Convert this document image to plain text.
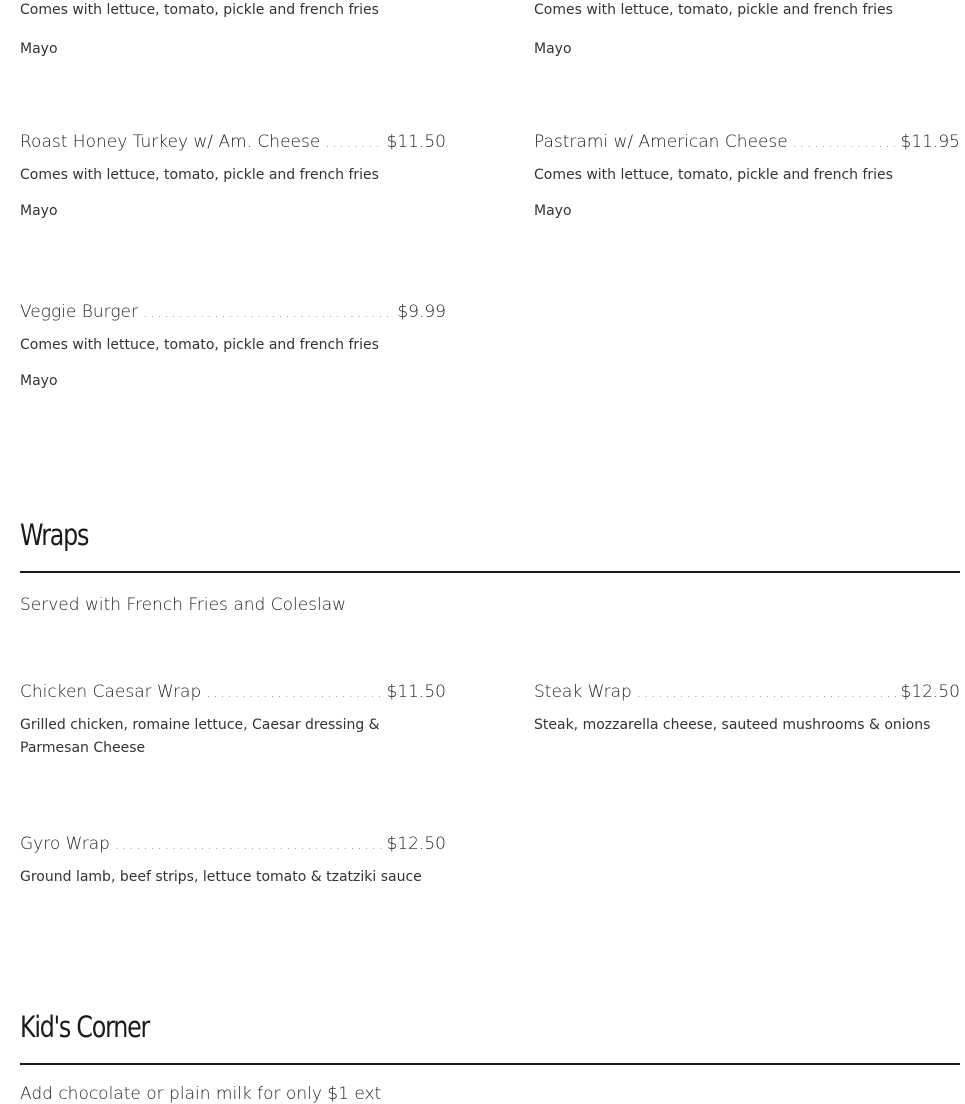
Comes with lettuce, tomato, pickle and french fries
Mayo
Comes with lettuce, tomato, pickle and french fries
Mayo
Roast Honey Turkey w/ Am. Cheese .....	$11.50
Comes with lettuce, tomato, pickle and french fries
Mayo
Pastrami w/ American Cheese .....	$11.95
Comes with lettuce, tomato, pickle and french fries
Mayo
Veggie Burger .....	$9.99
Comes with lettuce, tomato, pickle and french fries
Mayo
Wraps
Served with French Fries and Coleslaw
Chicken Caesar Wrap .....	$11.50
Grilled chicken, romaine lettuce, Caesar dressing & Parmesan Cheese
Steak Wrap .....	$12.50
Steak, mozzarella cheese, sauteed mushrooms & onions
Gyro Wrap .....	$12.50
Ground lamb, beef strips, lettuce tomato & tzatziki sauce
Kid's Corner
Add chocolate or plain milk for only $1 ext
